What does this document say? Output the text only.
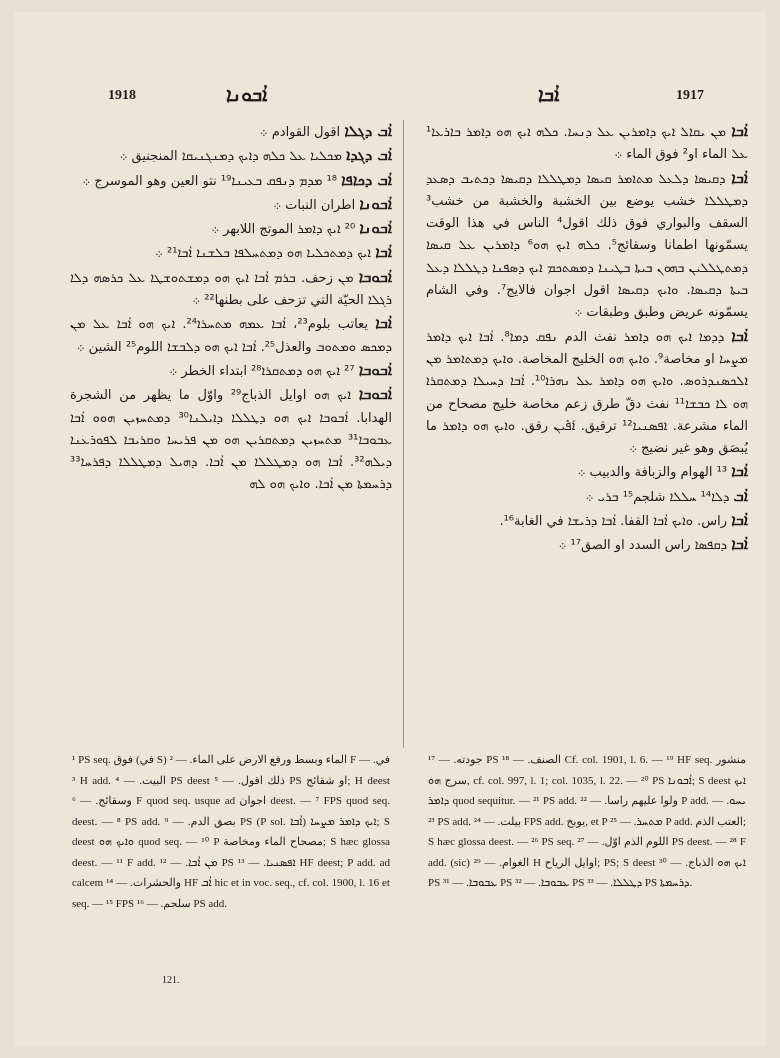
1918	ܐܳܒܘܢܐ	ܐܳܒܐ	1917

ܐܳܒܐ ܡܢ ܝܩܐܠ ܐܝܟ ܕܐܡܪܝܢ ܥܠ ܕܢܚܐ. ܟܠܗ ܐܝܟ ܗܘ ܕܐܡܪ ܒܐܪܥܐ¹ ܥܠ الماء او² فوق الماء ܀

ܐܳܒܐ ܕܩܝܣܐ ܕܠܥܠ ܡܬܐܡܪ ܩܝܣܐ ܕܡܛܠܠܐ ܕܩܝܣܐ ܕܟܬܝܒ ܕܣܥܕ ܕܡܛܠܠܐ خشب يوضع بين الخشبة والخشبة من خشب³ السقف والبواري فوق ذلك اقول⁴ الناس في هذا الوقت يسمّونها اطمانا وسقائج⁵. ܟܠܗ ܐܝܟ ܗܘ⁶ ܕܐܡܪܝܢ ܥܠ ܩܝܣܐ ܕܡܬܛܠܠܝܢ ܒܗܘܢ ܒܝܬܐ ܒܛܝܢܐ ܕܡܣܬܟܡ ܐܝܟ ܕܣܦܢܐ ܕܛܠܠܐ ܕܥܠ ܒܝܬܐ ܕܩܝܣܐ. ܘܐܝܟ ܕܩܝܣܐ اقول اجوان فالايج⁷. وفي الشام يسمّونه عريض وطبق وطبقات ܀

ܐܳܒܐ ܕܕܡܐ ܐܝܟ ܗܘ ܕܐܡܪ نفث الدم ܢܦܩ ܕܡܐ⁸. ܐܳܒܐ ܐܝܟ ܕܐܡܪ ܡܨܚܐ او مخاصة⁹. ܘܐܝܟ ܗܘ الخليج المخاصة. ܘܐܝܟ ܕܡܬܐܡܪ ܡܢ ܐܠܟܣܢܕܪܘܣ. ܘܐܝܟ ܗܘ ܕܐܡܪ ܥܠ ܢܗܪܐ¹⁰. ܐܳܒܐ ܕܚܝܠܐ ܕܡܬܩܪܐ ܗܘ ܠܐ ܟܒܫܐ¹¹ نفث دقّ طرق زعم مخاصة خليج مصحاح من الماء مشرعة. ܐܦܣܢܝܐ¹² ترقيق. ܐܰܦܺܝܢ رقق. ܘܐܝܟ ܗܘ ܕܐܡܪ ما يُبصَق وهو غير نضيج ܀

ܐܳܒܐ ¹³ الهوام والزبافة والدبيب ܀

ܐܳܒ ܕܠܐ¹⁴ ܚܠܠܐ شلجم¹⁵ ܒܪܝ ܀

ܐܳܒܐ راس. ܘܐܝܟ ܐܳܒܐ القفا. ܐܳܒܐ ܕܪܝܫܐ في الغابة¹⁶.

ܐܳܒܐ ܕܩܦܣܐ راس السدد او الصق¹⁷ ܀

ܐܳܒ ܕܓܠܐ اقول القوادم ܀

ܐܳܒ ܕܓܕܐ ܡܟܠܝܐ ܥܠ ܟܠܗ ܕܐܝܟ ܕܡܢܓܢܝܩܐ المنجنيق ܀

ܐܳܒ ܕܟܐܦܐ ¹⁸ ܡܕܡ ܕܢܦܩ ܒܥܝܢܐ¹⁹ نتو العين وهو الموسرج ܀

ܐܳܒܘܢܐ اطران النبات ܀

ܐܳܒܘܢܐ ²⁰ ܐܝܟ ܕܐܡܪ الموتج اللابهر ܀

ܐܳܒܐ ܐܝܟ ܕܡܬܟܠܝܐ ܗܘ ܕܡܬܚܠܦܐ ܒܠܫܢܐ ܐܳܒܐ²¹ ܀

ܐܳܒܘܒܐ ܡܢ زحف. ܒܪܡ ܐܳܒܐ ܐܝܟ ܗܘ ܕܡܫܬܘܫܛܐ ܥܠ ܟܪܣܗ ܕܠܐ ܪܓܠܐ الحيّة التي تزحف على بطنها²² ܀

ܐܳܒܐ يعاتب بلوم²³، ܐܳܒܐ ܥܡܗ ܡܬܚܪܐ²⁴. ܐܝܟ ܗܘ ܐܳܒܐ ܥܠ ܡܢ ܕܡܟܣ ܘܡܬܘܒ والعذل²⁵. ܐܳܒܐ ܐܝܟ ܗܘ ܕܠܒܫܐ اللوم²⁵ الشين ܀

ܐܳܒܘܒܐ ²⁷ ܐܝܟ ܗܘ ܕܡܬܩܪܐ²⁸ ابتداء الخطر ܀

ܐܳܒܘܒܐ ܐܝܟ ܗܘ اوايل الذباج²⁹ واوّل ما يظهر من الشجرة الهدابا. ܐܳܒܘܒܐ ܐܝܟ ܗܘ ܕܛܠܠܐ ܕܐܝܠܢܐ³⁰ ܕܡܬܚܙܝܢ ܗܘܘ ܐܳܒܐ ܥܒܘܒܐ³¹ ܡܬܚܙܝܢ ܕܡܬܩܪܝܢ ܗܘ ܡܢ ܦܪܝܚܐ ܘܩܪܝܒܐ ܠܦܘܪܥܢܐ ܕܝܠܗ³². ܐܳܒܐ ܗܘ ܕܡܛܠܠܐ ܡܢ ܐܳܒܐ. ܕܗܝܠ ܕܡܛܠܠܐ ܕܦܪܚܐ³³ ܕܪܚܡܬܐ ܡܢ ܐܳܒܐ. ܘܐܝܟ ܗܘ ܠܗ

¹ PS seq. فوق (في S) الماء وبسط ورفع الارض على الماء. — ² F في. — ³ H add. البيت. — ⁴ PS deest ذلك اقول. — ⁵ PS او شقائج; H deest وسقائج. — ⁶ F quod seq. usque ad اجوان deest. — ⁷ FPS quod seq. deest. — ⁸ PS add. بصق الدم. — ⁹ PS (P sol. ܐܳܒܐ) ܐܝܟ ܕܐܡܪ ܡܨܚܐ; S deest ܘܐܝܟ ܗܘ quod seq. — ¹⁰ P مصحاح الماء ومخاصة; S hæc glossa deest. — ¹¹ F add. ܡܢ ܐܳܒܐ. — ¹² PS ܐܦܣܢܝܐ. — ¹³ HF deest; P add. ad calcem والحشرات. — ¹⁴ HF ܐܳܒ hic et in voc. seq., cf. col. 1900, l. 16 et seq. — ¹⁵ FPS سلجم. — ¹⁶ PS add.

جودته. — ¹⁷ PS الصنف. — ¹⁸ Cf. col. 1901, l. 6. — ¹⁹ HF seq. منشور سرج ܗܘ, cf. col. 997, l. 1; col. 1035, l. 22. — ²⁰ PS ܐܳܒܘܢܐ; S deest ܐܝܟ ܕܐܡܪ quod sequitur. — ²¹ PS add. ولوا عليهم راسا. — ²² P add. ܝܚܘ. — ²³ PS add. بيلت. — ²⁴ FPS add. يوبخ, et P ܡܬܚܪ. — ²⁵ P add. العتب الذم; S hæc glossa deest. — ²⁶ PS seq. اللوم الذم اوّل. — ²⁷ PS deest. — ²⁸ F add. (sic) الغوام. — ²⁹ H اوايل الرياح; PS; S deest ܐܝܟ ܗܘ الذباج. — ³⁰ PS ܥܒܘܒܐ. — ³¹ PS ܥܒܘܒܐ. — ³² PS ܕܛܠܠܐ. — ³³ PS ܕܪܚܡܬܐ.

121.
